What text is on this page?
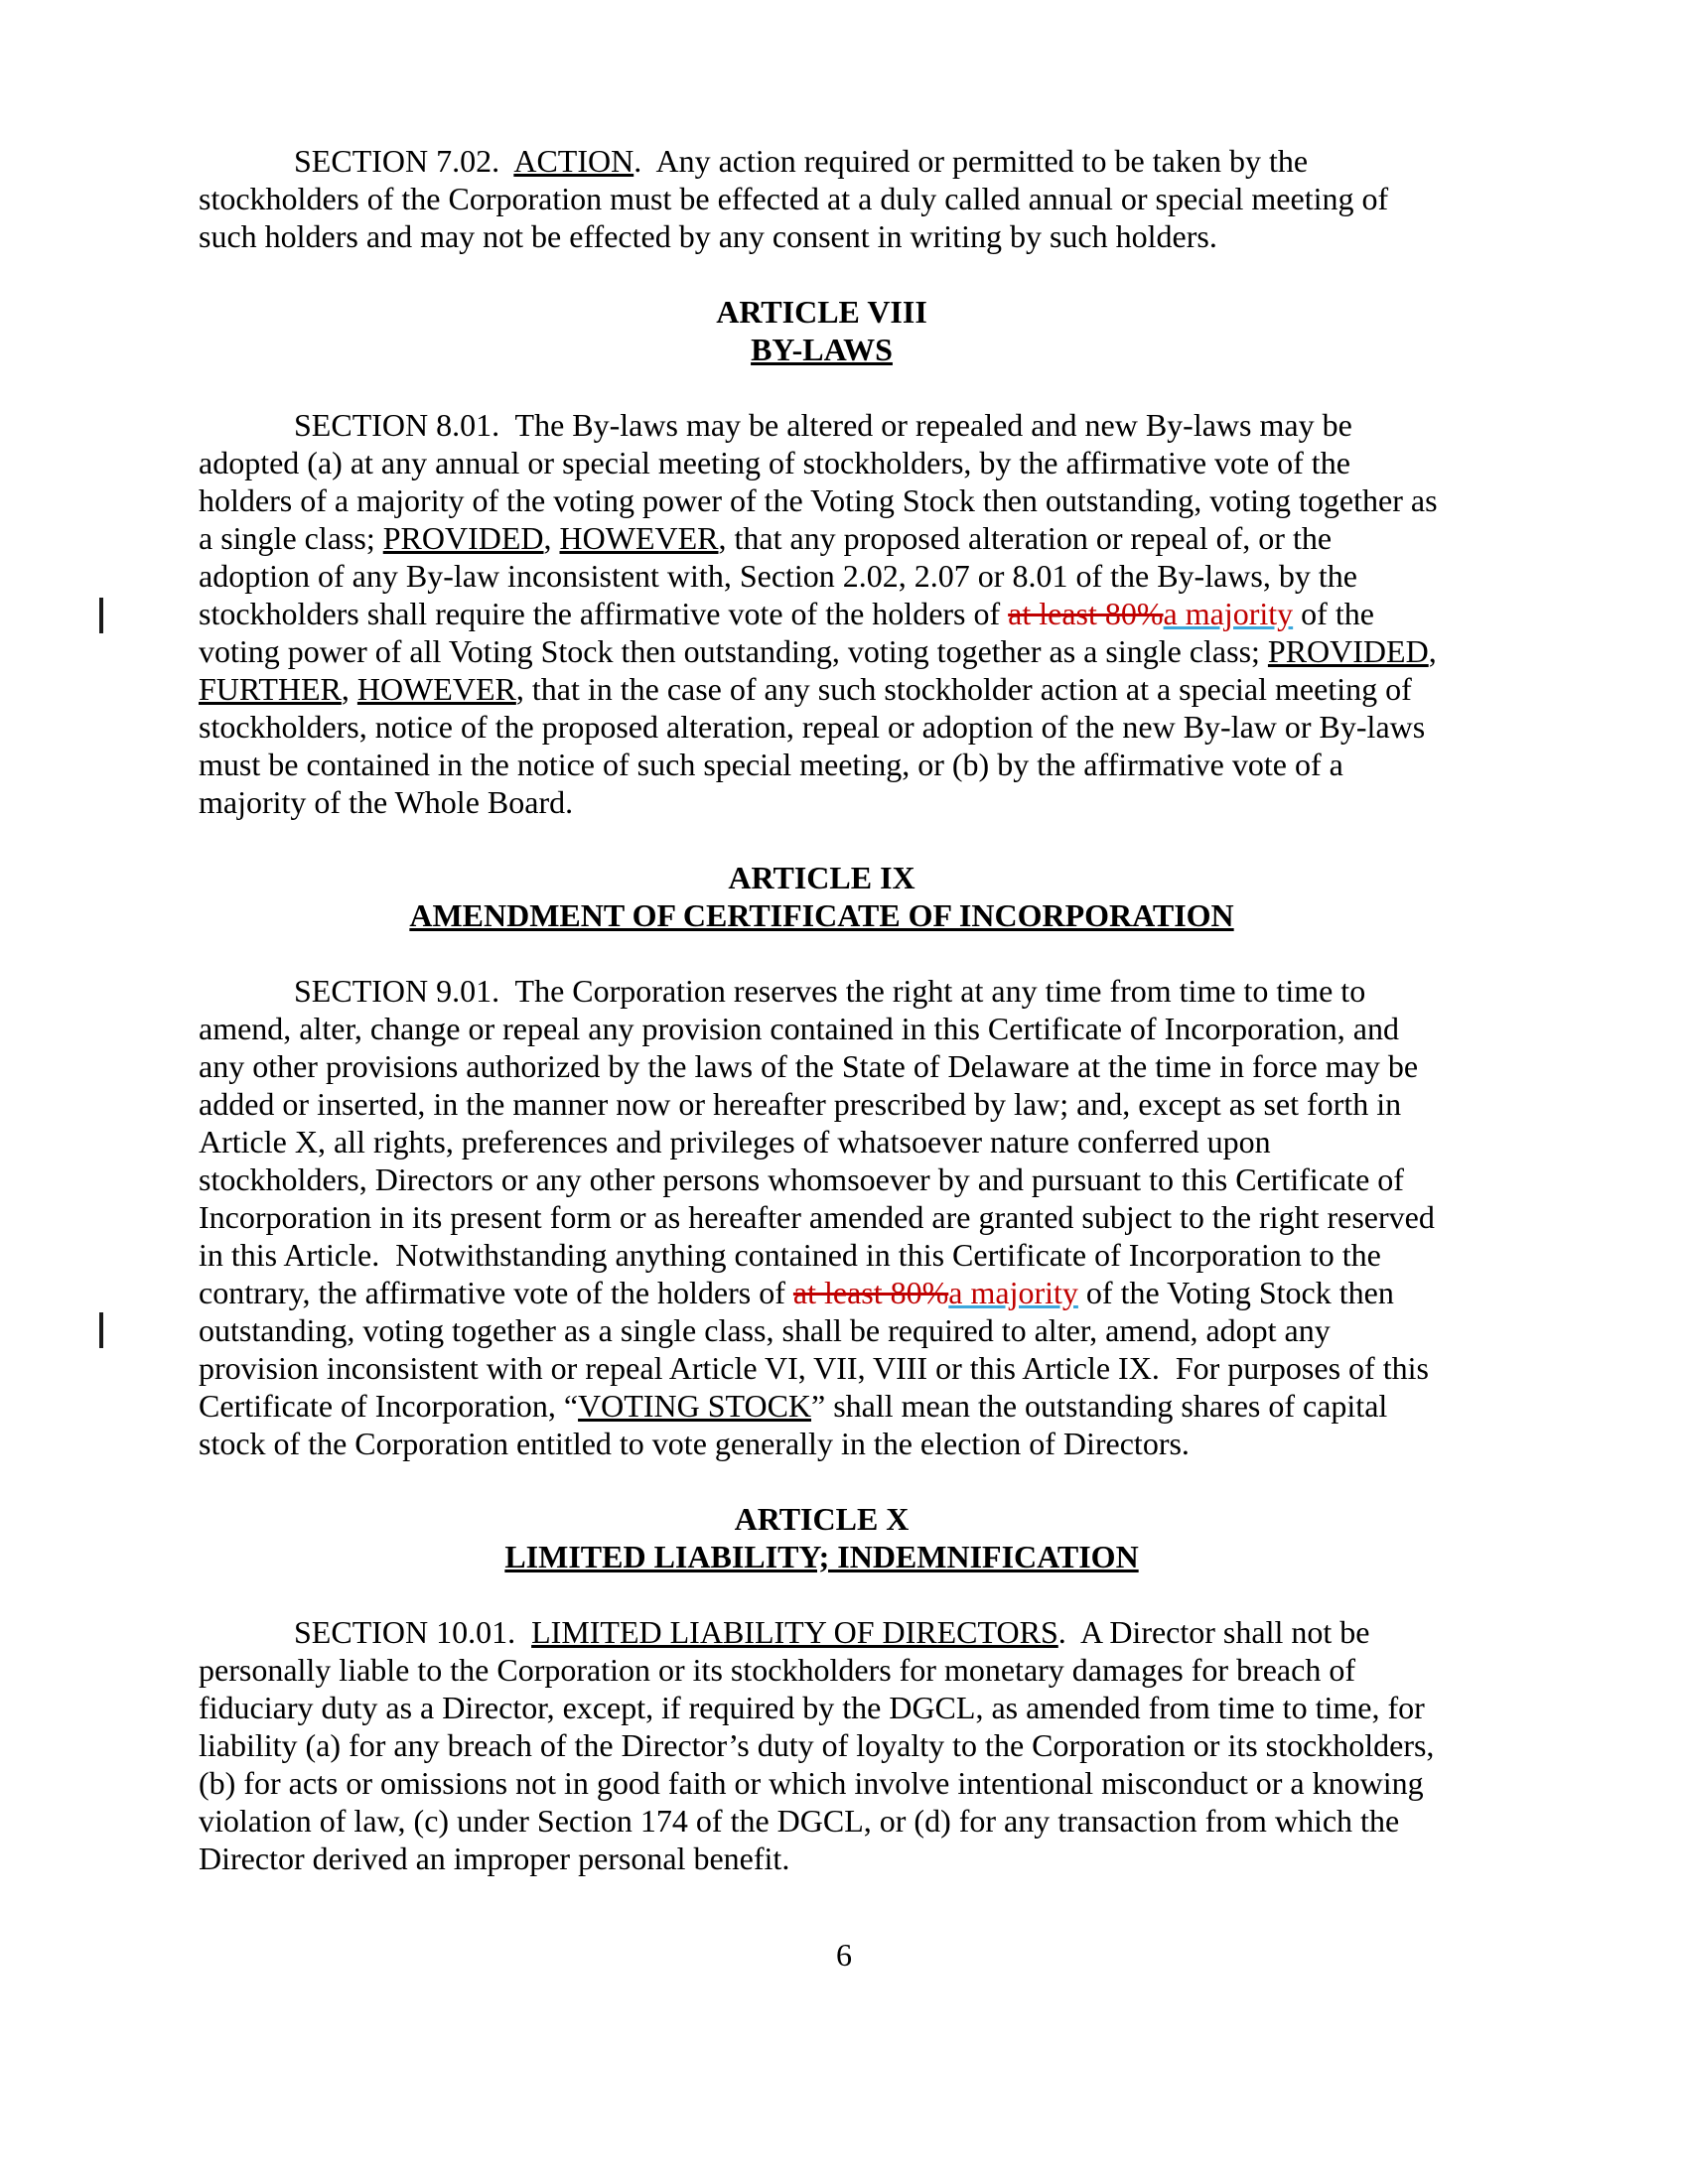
SECTION 7.02.  ACTION.  Any action required or permitted to be taken by the stockholders of the Corporation must be effected at a duly called annual or special meeting of such holders and may not be effected by any consent in writing by such holders.

ARTICLE VIII
BY-LAWS

SECTION 8.01.  The By-laws may be altered or repealed and new By-laws may be adopted (a) at any annual or special meeting of stockholders, by the affirmative vote of the holders of a majority of the voting power of the Voting Stock then outstanding, voting together as a single class; PROVIDED, HOWEVER, that any proposed alteration or repeal of, or the adoption of any By-law inconsistent with, Section 2.02, 2.07 or 8.01 of the By-laws, by the stockholders shall require the affirmative vote of the holders of at least 80%a majority of the voting power of all Voting Stock then outstanding, voting together as a single class; PROVIDED, FURTHER, HOWEVER, that in the case of any such stockholder action at a special meeting of stockholders, notice of the proposed alteration, repeal or adoption of the new By-law or By-laws must be contained in the notice of such special meeting, or (b) by the affirmative vote of a majority of the Whole Board.

ARTICLE IX
AMENDMENT OF CERTIFICATE OF INCORPORATION

SECTION 9.01.  The Corporation reserves the right at any time from time to time to amend, alter, change or repeal any provision contained in this Certificate of Incorporation, and any other provisions authorized by the laws of the State of Delaware at the time in force may be added or inserted, in the manner now or hereafter prescribed by law; and, except as set forth in Article X, all rights, preferences and privileges of whatsoever nature conferred upon stockholders, Directors or any other persons whomsoever by and pursuant to this Certificate of Incorporation in its present form or as hereafter amended are granted subject to the right reserved in this Article.  Notwithstanding anything contained in this Certificate of Incorporation to the contrary, the affirmative vote of the holders of at least 80%a majority of the Voting Stock then outstanding, voting together as a single class, shall be required to alter, amend, adopt any provision inconsistent with or repeal Article VI, VII, VIII or this Article IX.  For purposes of this Certificate of Incorporation, “VOTING STOCK” shall mean the outstanding shares of capital stock of the Corporation entitled to vote generally in the election of Directors.

ARTICLE X
LIMITED LIABILITY; INDEMNIFICATION

SECTION 10.01.  LIMITED LIABILITY OF DIRECTORS.  A Director shall not be personally liable to the Corporation or its stockholders for monetary damages for breach of fiduciary duty as a Director, except, if required by the DGCL, as amended from time to time, for liability (a) for any breach of the Director’s duty of loyalty to the Corporation or its stockholders, (b) for acts or omissions not in good faith or which involve intentional misconduct or a knowing violation of law, (c) under Section 174 of the DGCL, or (d) for any transaction from which the Director derived an improper personal benefit.

6
